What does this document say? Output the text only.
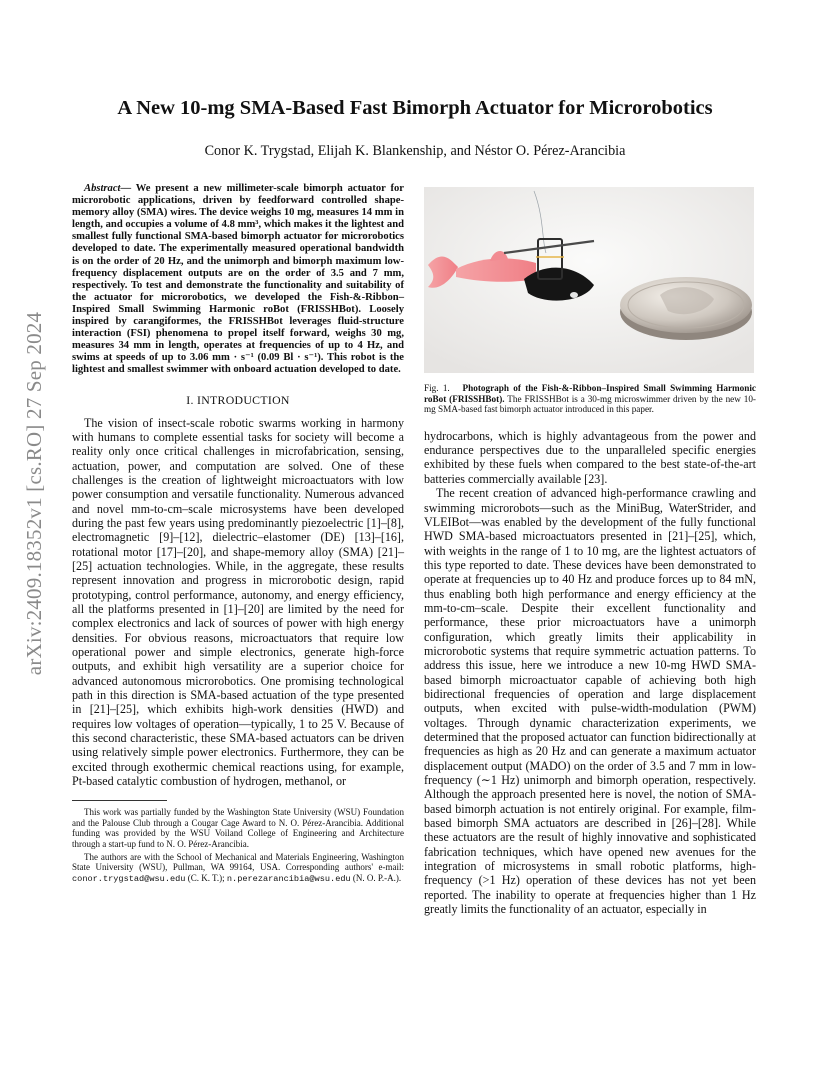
arXiv:2409.18352v1 [cs.RO] 27 Sep 2024
A New 10-mg SMA-Based Fast Bimorph Actuator for Microrobotics

Conor K. Trygstad, Elijah K. Blankenship, and Néstor O. Pérez-Arancibia

Abstract— We present a new millimeter-scale bimorph actuator for microrobotic applications, driven by feedforward controlled shape-memory alloy (SMA) wires. The device weighs 10 mg, measures 14 mm in length, and occupies a volume of 4.8 mm³, which makes it the lightest and smallest fully functional SMA-based bimorph actuator for microrobotics developed to date. The experimentally measured operational bandwidth is on the order of 20 Hz, and the unimorph and bimorph maximum low-frequency displacement outputs are on the order of 3.5 and 7 mm, respectively. To test and demonstrate the functionality and suitability of the actuator for microrobotics, we developed the Fish-&-Ribbon–Inspired Small Swimming Harmonic roBot (FRISSHBot). Loosely inspired by carangiformes, the FRISSHBot leverages fluid-structure interaction (FSI) phenomena to propel itself forward, weighs 30 mg, measures 34 mm in length, operates at frequencies of up to 4 Hz, and swims at speeds of up to 3.06 mm · s⁻¹ (0.09 Bl · s⁻¹). This robot is the lightest and smallest swimmer with onboard actuation developed to date.

I. INTRODUCTION

The vision of insect-scale robotic swarms working in harmony with humans to complete essential tasks for society will become a reality only once critical challenges in microfabrication, sensing, actuation, power, and computation are solved. One of these challenges is the creation of lightweight microactuators with low power consumption and versatile functionality. Numerous advanced and novel mm-to-cm–scale microsystems have been developed during the past few years using predominantly piezoelectric [1]–[8], electromagnetic [9]–[12], dielectric–elastomer (DE) [13]–[16], rotational motor [17]–[20], and shape-memory alloy (SMA) [21]–[25] actuation technologies. While, in the aggregate, these results represent innovation and progress in microrobotic design, rapid prototyping, control performance, autonomy, and energy efficiency, all the platforms presented in [1]–[20] are limited by the need for complex electronics and lack of sources of power with high energy densities. For obvious reasons, microactuators that require low operational power and simple electronics, generate high-force outputs, and exhibit high versatility are a superior choice for advanced autonomous microrobotics. One promising technological path in this direction is SMA-based actuation of the type presented in [21]–[25], which exhibits high-work densities (HWD) and requires low voltages of operation—typically, 1 to 25 V. Because of this second characteristic, these SMA-based actuators can be driven using relatively simple power electronics. Furthermore, they can be excited through exothermic chemical reactions using, for example, Pt-based catalytic combustion of hydrogen, methanol, or

This work was partially funded by the Washington State University (WSU) Foundation and the Palouse Club through a Cougar Cage Award to N. O. Pérez-Arancibia. Additional funding was provided by the WSU Voiland College of Engineering and Architecture through a start-up fund to N. O. Pérez-Arancibia.

The authors are with the School of Mechanical and Materials Engineering, Washington State University (WSU), Pullman, WA 99164, USA. Corresponding authors' e-mail: conor.trygstad@wsu.edu (C. K. T.); n.perezarancibia@wsu.edu (N. O. P.-A.).

Fig. 1. Photograph of the Fish-&-Ribbon–Inspired Small Swimming Harmonic roBot (FRISSHBot). The FRISSHBot is a 30-mg microswimmer driven by the new 10-mg SMA-based fast bimorph actuator introduced in this paper.

hydrocarbons, which is highly advantageous from the power and endurance perspectives due to the unparalleled specific energies exhibited by these fuels when compared to the best state-of-the-art batteries commercially available [23].

The recent creation of advanced high-performance crawling and swimming microrobots—such as the MiniBug, WaterStrider, and VLEIBot—was enabled by the development of the fully functional HWD SMA-based microactuators presented in [21]–[25], which, with weights in the range of 1 to 10 mg, are the lightest actuators of this type reported to date. These devices have been demonstrated to operate at frequencies up to 40 Hz and produce forces up to 84 mN, thus enabling both high performance and energy efficiency at the mm-to-cm–scale. Despite their excellent functionality and performance, these prior microactuators have a unimorph configuration, which greatly limits their applicability in microrobotic systems that require symmetric actuation patterns. To address this issue, here we introduce a new 10-mg HWD SMA-based bimorph microactuator capable of achieving both high bidirectional frequencies of operation and large displacement outputs, when excited with pulse-width-modulation (PWM) voltages. Through dynamic characterization experiments, we determined that the proposed actuator can function bidirectionally at frequencies as high as 20 Hz and can generate a maximum actuator displacement output (MADO) on the order of 3.5 and 7 mm in low-frequency (∼1 Hz) unimorph and bimorph operation, respectively. Although the approach presented here is novel, the notion of SMA-based bimorph actuation is not entirely original. For example, film-based bimorph SMA actuators are described in [26]–[28]. While these actuators are the result of highly innovative and sophisticated fabrication techniques, which have opened new avenues for the integration of microsystems in small robotic platforms, high-frequency (>1 Hz) operation of these devices has not yet been reported. The inability to operate at frequencies higher than 1 Hz greatly limits the functionality of an actuator, especially in
